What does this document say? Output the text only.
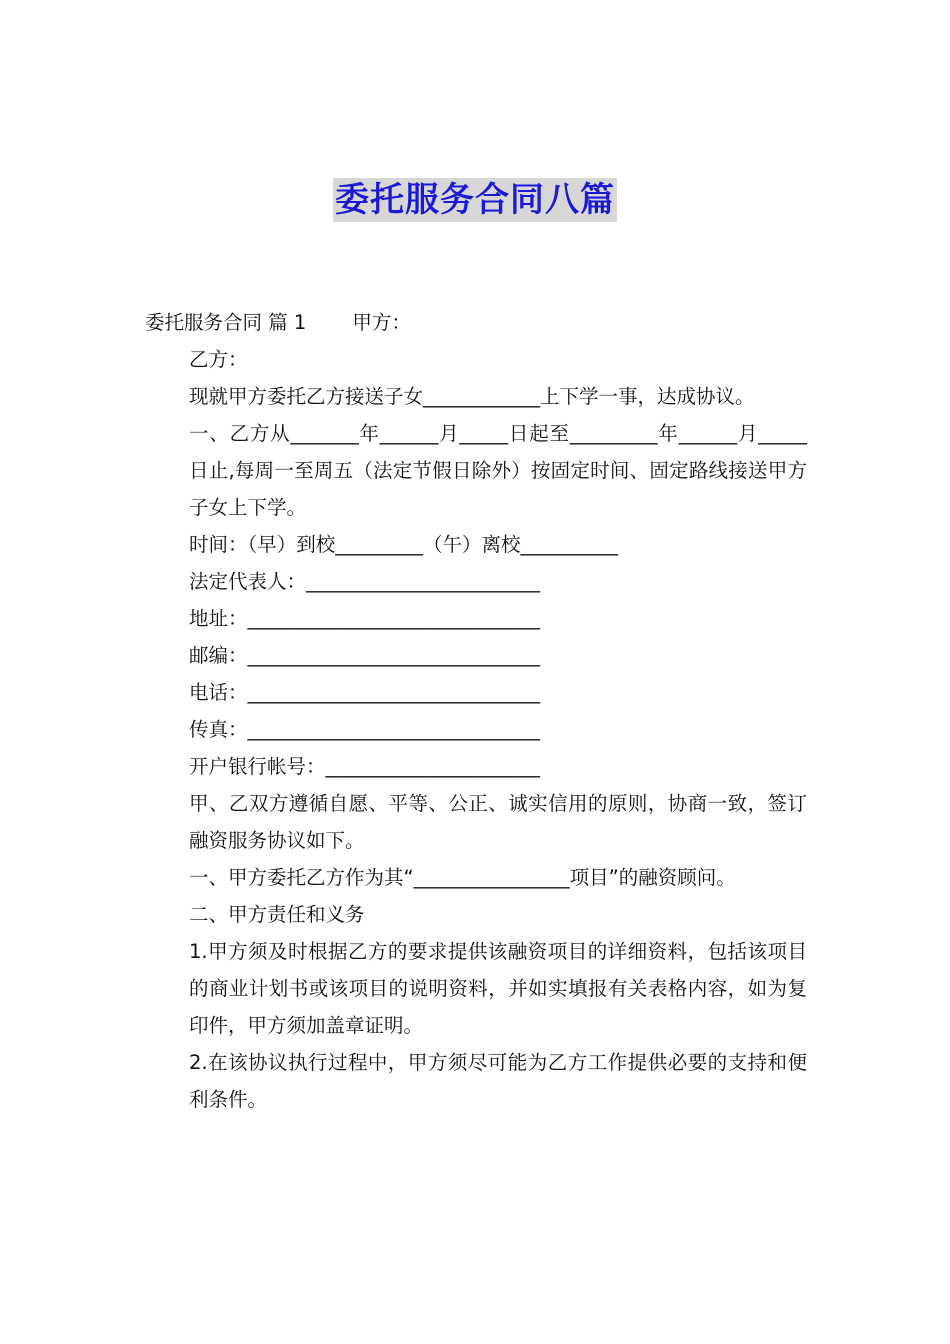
委托服务合同八篇

委托服务合同 篇 1 甲方：

乙方：

现就甲方委托乙方接送子女____________上下学一事，达成协议。

一、乙方从_______年______月_____日起至_________年______月_____日止,每周一至周五（法定节假日除外）按固定时间、固定路线接送甲方子女上下学。

时间：（早）到校_________（午）离校__________

法定代表人：________________________

地址：______________________________

邮编：______________________________

电话：______________________________

传真：______________________________

开户银行帐号：______________________

甲、乙双方遵循自愿、平等、公正、诚实信用的原则，协商一致，签订融资服务协议如下。

一、甲方委托乙方作为其“________________项目”的融资顾问。

二、甲方责任和义务

1.甲方须及时根据乙方的要求提供该融资项目的详细资料，包括该项目的商业计划书或该项目的说明资料，并如实填报有关表格内容，如为复印件，甲方须加盖章证明。

2.在该协议执行过程中，甲方须尽可能为乙方工作提供必要的支持和便利条件。
